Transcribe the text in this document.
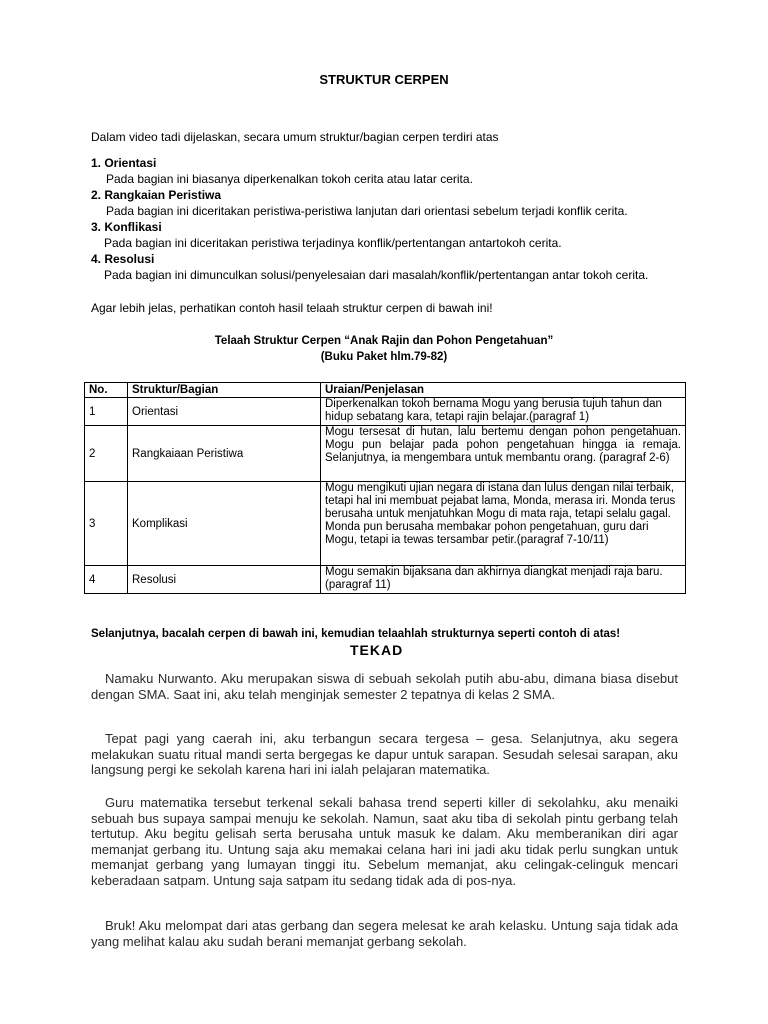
STRUKTUR CERPEN
Dalam video tadi dijelaskan, secara umum struktur/bagian cerpen terdiri atas
1. Orientasi
Pada bagian ini biasanya diperkenalkan tokoh cerita atau latar cerita.
2. Rangkaian Peristiwa
Pada bagian ini diceritakan peristiwa-peristiwa lanjutan dari orientasi sebelum terjadi konflik cerita.
3. Konflikasi
Pada bagian ini diceritakan peristiwa terjadinya konflik/pertentangan antartokoh cerita.
4. Resolusi
Pada bagian ini dimunculkan solusi/penyelesaian dari masalah/konflik/pertentangan antar tokoh cerita.
Agar lebih jelas, perhatikan contoh hasil telaah struktur cerpen di bawah ini!
Telaah Struktur Cerpen “Anak Rajin dan Pohon Pengetahuan”
(Buku Paket hlm.79-82)
No.	Struktur/Bagian	Uraian/Penjelasan
1	Orientasi	Diperkenalkan tokoh bernama Mogu yang berusia tujuh tahun dan hidup sebatang kara, tetapi rajin belajar.(paragraf 1)
2	Rangkaiaan Peristiwa	Mogu tersesat di hutan, lalu bertemu dengan pohon pengetahuan. Mogu pun belajar pada pohon pengetahuan hingga ia remaja. Selanjutnya, ia mengembara untuk membantu orang. (paragraf 2-6)
3	Komplikasi	Mogu mengikuti ujian negara di istana dan lulus dengan nilai terbaik, tetapi hal ini membuat pejabat lama, Monda, merasa iri. Monda terus berusaha untuk menjatuhkan Mogu di mata raja, tetapi selalu gagal. Monda pun berusaha membakar pohon pengetahuan, guru dari Mogu, tetapi ia tewas tersambar petir.(paragraf 7-10/11)
4	Resolusi	Mogu semakin bijaksana dan akhirnya diangkat menjadi raja baru.(paragraf 11)
Selanjutnya, bacalah cerpen di bawah ini, kemudian telaahlah strukturnya seperti contoh di atas!
TEKAD
Namaku Nurwanto. Aku merupakan siswa di sebuah sekolah putih abu-abu, dimana biasa disebut dengan SMA. Saat ini, aku telah menginjak semester 2 tepatnya di kelas 2 SMA.
Tepat pagi yang caerah ini, aku terbangun secara tergesa – gesa. Selanjutnya, aku segera melakukan suatu ritual mandi serta bergegas ke dapur untuk sarapan. Sesudah selesai sarapan, aku langsung pergi ke sekolah karena hari ini ialah pelajaran matematika.
Guru matematika tersebut terkenal sekali bahasa trend seperti killer di sekolahku, aku menaiki sebuah bus supaya sampai menuju ke sekolah. Namun, saat aku tiba di sekolah pintu gerbang telah tertutup. Aku begitu gelisah serta berusaha untuk masuk ke dalam. Aku memberanikan diri agar memanjat gerbang itu. Untung saja aku memakai celana hari ini jadi aku tidak perlu sungkan untuk memanjat gerbang yang lumayan tinggi itu. Sebelum memanjat, aku celingak-celinguk mencari keberadaan satpam. Untung saja satpam itu sedang tidak ada di pos-nya.
Bruk! Aku melompat dari atas gerbang dan segera melesat ke arah kelasku. Untung saja tidak ada yang melihat kalau aku sudah berani memanjat gerbang sekolah.
